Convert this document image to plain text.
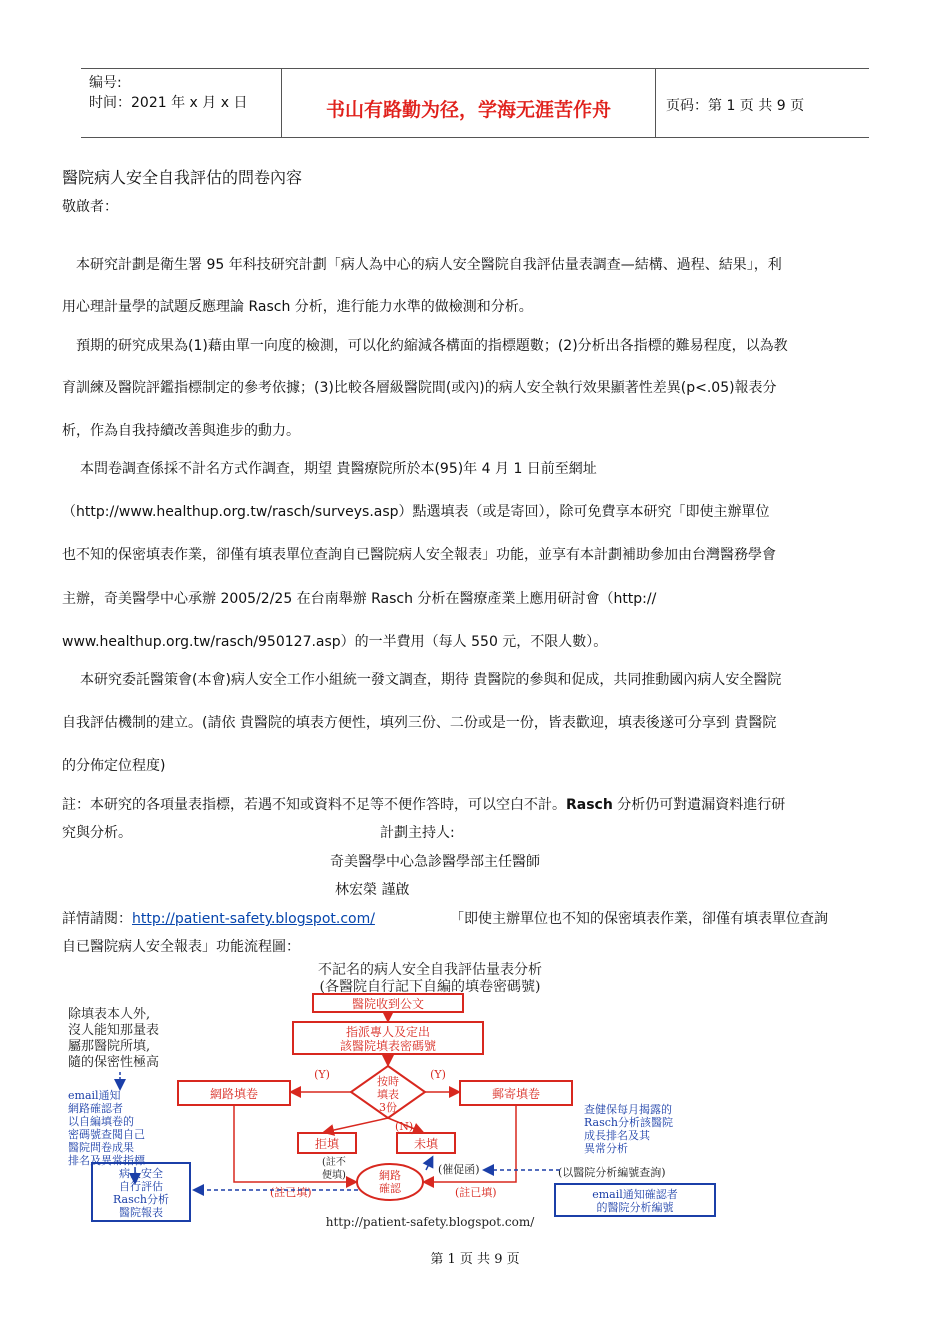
编号:
时间：2021 年 x 月 x 日	书山有路勤为径，学海无涯苦作舟	页码：第 1 页 共 9 页
醫院病人安全自我評估的問卷內容
敬啟者：
本研究計劃是衛生署 95 年科技研究計劃「病人為中心的病人安全醫院自我評估量表調查—結構、過程、結果」，利
用心理計量學的試題反應理論 Rasch 分析，進行能力水準的做檢測和分析。
預期的研究成果為(1)藉由單一向度的檢測，可以化約縮減各構面的指標題數；(2)分析出各指標的難易程度，以為教
育訓練及醫院評鑑指標制定的參考依據；(3)比較各層級醫院間(或內)的病人安全執行效果顯著性差異(p<.05)報表分
析，作為自我持續改善與進步的動力。
本問卷調查係採不計名方式作調查，期望 貴醫療院所於本(95)年 4 月 1 日前至網址
（http://www.healthup.org.tw/rasch/surveys.asp）點選填表（或是寄回），除可免費享本研究「即使主辦單位
也不知的保密填表作業，卻僅有填表單位查詢自已醫院病人安全報表」功能，並享有本計劃補助參加由台灣醫務學會
主辦，奇美醫學中心承辦 2005/2/25 在台南舉辦 Rasch 分析在醫療產業上應用研討會（http://
www.healthup.org.tw/rasch/950127.asp）的一半費用（每人 550 元，不限人數）。
本研究委託醫策會(本會)病人安全工作小組統一發文調查，期待 貴醫院的參與和促成，共同推動國內病人安全醫院
自我評估機制的建立。(請依 貴醫院的填表方便性，填列三份、二份或是一份，皆表歡迎，填表後遂可分享到 貴醫院
的分佈定位程度)
註：本研究的各項量表指標，若遇不知或資料不足等不便作答時，可以空白不計。Rasch 分析仍可對遺漏資料進行研
究與分析。	計劃主持人:
奇美醫學中心急診醫學部主任醫師
林宏榮 謹啟
詳情請閱：http://patient-safety.blogspot.com/	「即使主辦單位也不知的保密填表作業，卻僅有填表單位查詢
自已醫院病人安全報表」功能流程圖：
不記名的病人安全自我評估量表分析
(各醫院自行記下自編的填卷密碼號)
除填表本人外,
沒人能知那量表
屬那醫院所填,
隨的保密性極高
email通知
網路確認者
以自編填卷的
密碼號查閱自己
醫院問卷成果
排名及異常指標
病人安全
自行評估
Rasch分析
醫院報表
醫院收到公文
指派專人及定出
該醫院填表密碼號
按時
填表
3份
網路填卷
(Y)
郵寄填卷
(Y)
(N)
拒填	未填
(註不
便填)	(催促函)
網路
確認
(註已填)	(註已填)
查健保每月揭露的
Rasch分析該醫院
成長排名及其
異常分析
(以醫院分析編號查詢)
email通知確認者
的醫院分析編號
http://patient-safety.blogspot.com/
第 1 页 共 9 页
